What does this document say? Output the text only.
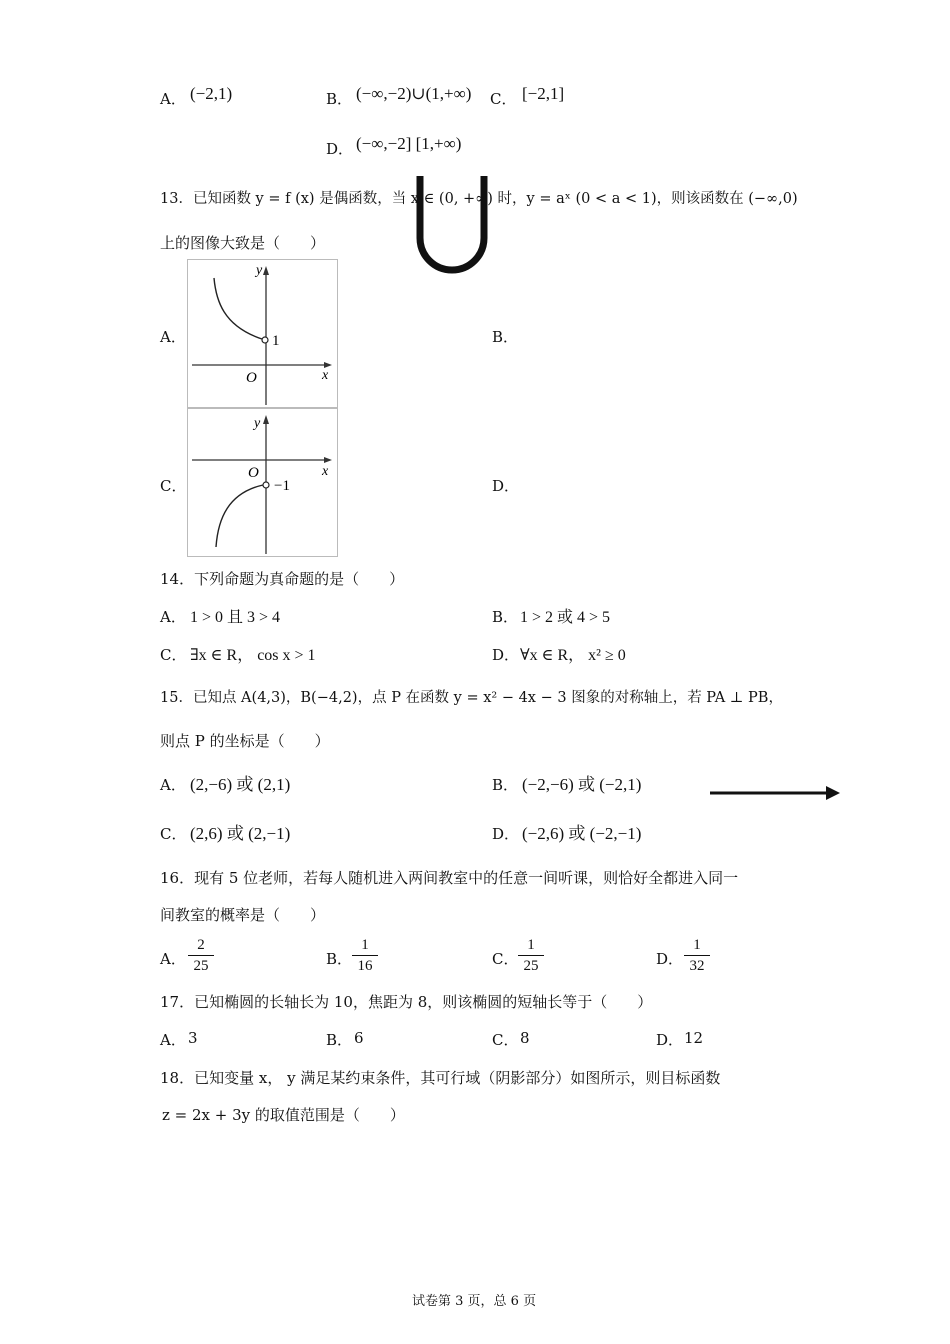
A． (−2,1)	B． (−∞,−2)∪(1,+∞) C． [−2,1]
D． (−∞,−2] [1,+∞)
13．已知函数 y = f (x) 是偶函数，当 x ∈ (0, +∞) 时，y = aˣ (0 < a < 1)，则该函数在 (−∞,0)
上的图像大致是（　　）
A．
y
x
O
1	B．
C．
y
x
O
−1	D．
14．下列命题为真命题的是（　　）
A． 1 > 0 且 3 > 4	B． 1 > 2 或 4 > 5
C． ∃x ∈ R， cos x > 1	D． ∀x ∈ R， x² ≥ 0
15．已知点 A(4,3)，B(−4,2)，点 P 在函数 y = x² − 4x − 3 图象的对称轴上，若 PA ⊥ PB，
则点 P 的坐标是（　　）
A． (2,−6) 或 (2,1)	B． (−2,−6) 或 (−2,1)
C． (2,6) 或 (2,−1)	D． (−2,6) 或 (−2,−1)
16．现有 5 位老师，若每人随机进入两间教室中的任意一间听课，则恰好全都进入同一
间教室的概率是（　　）
A．
2
25	B．
1
16	C．
1
25	D．
1
32
17．已知椭圆的长轴长为 10，焦距为 8，则该椭圆的短轴长等于（　　）
A． 3	B． 6	C． 8	D． 12
18．已知变量 x， y 满足某约束条件，其可行域（阴影部分）如图所示，则目标函数
z = 2x + 3y 的取值范围是（　　）
试卷第 3 页，总 6 页
